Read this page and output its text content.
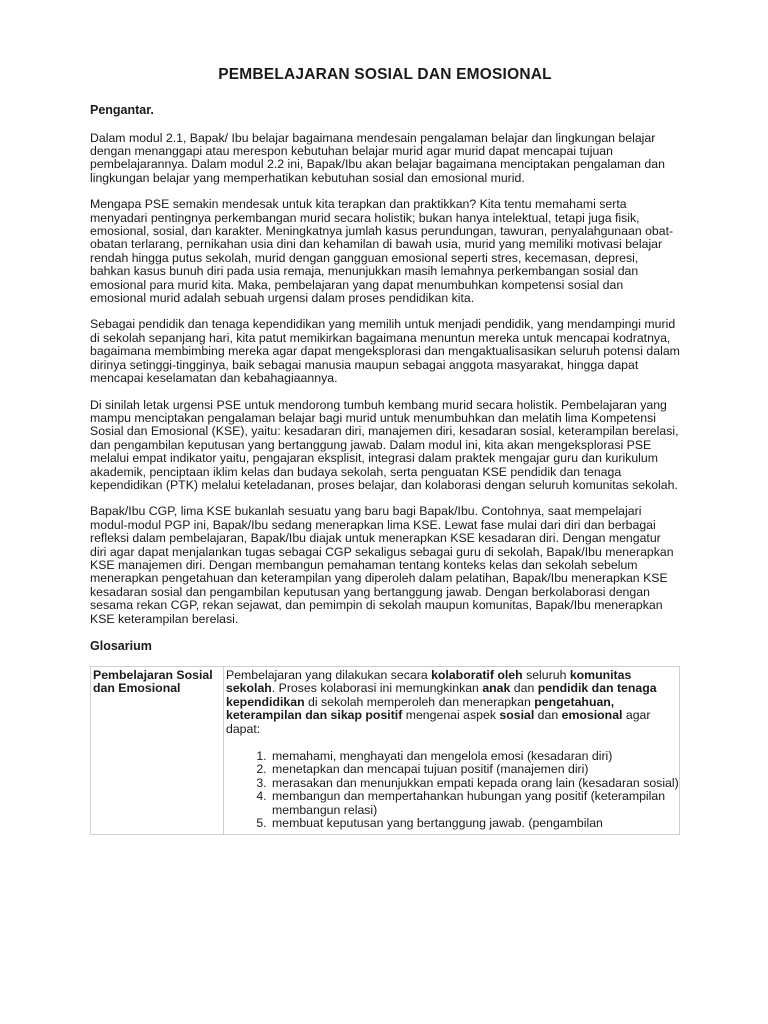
PEMBELAJARAN SOSIAL DAN EMOSIONAL
Pengantar.

Dalam modul 2.1, Bapak/ Ibu belajar bagaimana mendesain pengalaman belajar dan lingkungan belajar dengan menanggapi atau merespon kebutuhan belajar murid agar murid dapat mencapai tujuan pembelajarannya. Dalam modul 2.2 ini, Bapak/Ibu akan belajar bagaimana menciptakan pengalaman dan lingkungan belajar yang memperhatikan kebutuhan sosial dan emosional murid.

Mengapa PSE semakin mendesak untuk kita terapkan dan praktikkan? Kita tentu memahami serta menyadari pentingnya perkembangan murid secara holistik; bukan hanya intelektual, tetapi juga fisik, emosional, sosial, dan karakter. Meningkatnya jumlah kasus perundungan, tawuran, penyalahgunaan obat-obatan terlarang, pernikahan usia dini dan kehamilan di bawah usia, murid yang memiliki motivasi belajar rendah hingga putus sekolah, murid dengan gangguan emosional seperti stres, kecemasan, depresi, bahkan kasus bunuh diri pada usia remaja, menunjukkan masih lemahnya perkembangan sosial dan emosional para murid kita. Maka, pembelajaran yang dapat menumbuhkan kompetensi sosial dan emosional murid adalah sebuah urgensi dalam proses pendidikan kita.

Sebagai pendidik dan tenaga kependidikan yang memilih untuk menjadi pendidik, yang mendampingi murid di sekolah sepanjang hari, kita patut memikirkan bagaimana menuntun mereka untuk mencapai kodratnya, bagaimana membimbing mereka agar dapat mengeksplorasi dan mengaktualisasikan seluruh potensi dalam dirinya setinggi-tingginya, baik sebagai manusia maupun sebagai anggota masyarakat, hingga dapat mencapai keselamatan dan kebahagiaannya.

Di sinilah letak urgensi PSE untuk mendorong tumbuh kembang murid secara holistik. Pembelajaran yang mampu menciptakan pengalaman belajar bagi murid untuk menumbuhkan dan melatih lima Kompetensi Sosial dan Emosional (KSE), yaitu: kesadaran diri, manajemen diri, kesadaran sosial, keterampilan berelasi, dan pengambilan keputusan yang bertanggung jawab. Dalam modul ini, kita akan mengeksplorasi PSE melalui empat indikator yaitu, pengajaran eksplisit, integrasi dalam praktek mengajar guru dan kurikulum akademik, penciptaan iklim kelas dan budaya sekolah, serta penguatan KSE pendidik dan tenaga kependidikan (PTK) melalui keteladanan, proses belajar, dan kolaborasi dengan seluruh komunitas sekolah.

Bapak/Ibu CGP, lima KSE bukanlah sesuatu yang baru bagi Bapak/Ibu. Contohnya, saat mempelajari modul-modul PGP ini, Bapak/Ibu sedang menerapkan lima KSE. Lewat fase mulai dari diri dan berbagai refleksi dalam pembelajaran, Bapak/Ibu diajak untuk menerapkan KSE kesadaran diri. Dengan mengatur diri agar dapat menjalankan tugas sebagai CGP sekaligus sebagai guru di sekolah, Bapak/Ibu menerapkan KSE manajemen diri. Dengan membangun pemahaman tentang konteks kelas dan sekolah sebelum menerapkan pengetahuan dan keterampilan yang diperoleh dalam pelatihan, Bapak/Ibu menerapkan KSE kesadaran sosial dan pengambilan keputusan yang bertanggung jawab. Dengan berkolaborasi dengan sesama rekan CGP, rekan sejawat, dan pemimpin di sekolah maupun komunitas, Bapak/Ibu menerapkan KSE keterampilan berelasi.

Glosarium
Pembelajaran Sosial dan Emosional	
Pembelajaran yang dilakukan secara kolaboratif oleh seluruh komunitas sekolah. Proses kolaborasi ini memungkinkan anak dan pendidik dan tenaga kependidikan di sekolah memperoleh dan menerapkan pengetahuan, keterampilan dan sikap positif mengenai aspek sosial dan emosional agar dapat:
1. memahami, menghayati dan mengelola emosi (kesadaran diri)
2. menetapkan dan mencapai tujuan positif (manajemen diri)
3. merasakan dan menunjukkan empati kepada orang lain (kesadaran sosial)
4. membangun dan mempertahankan hubungan yang positif (keterampilan membangun relasi)
5. membuat keputusan yang bertanggung jawab. (pengambilan
